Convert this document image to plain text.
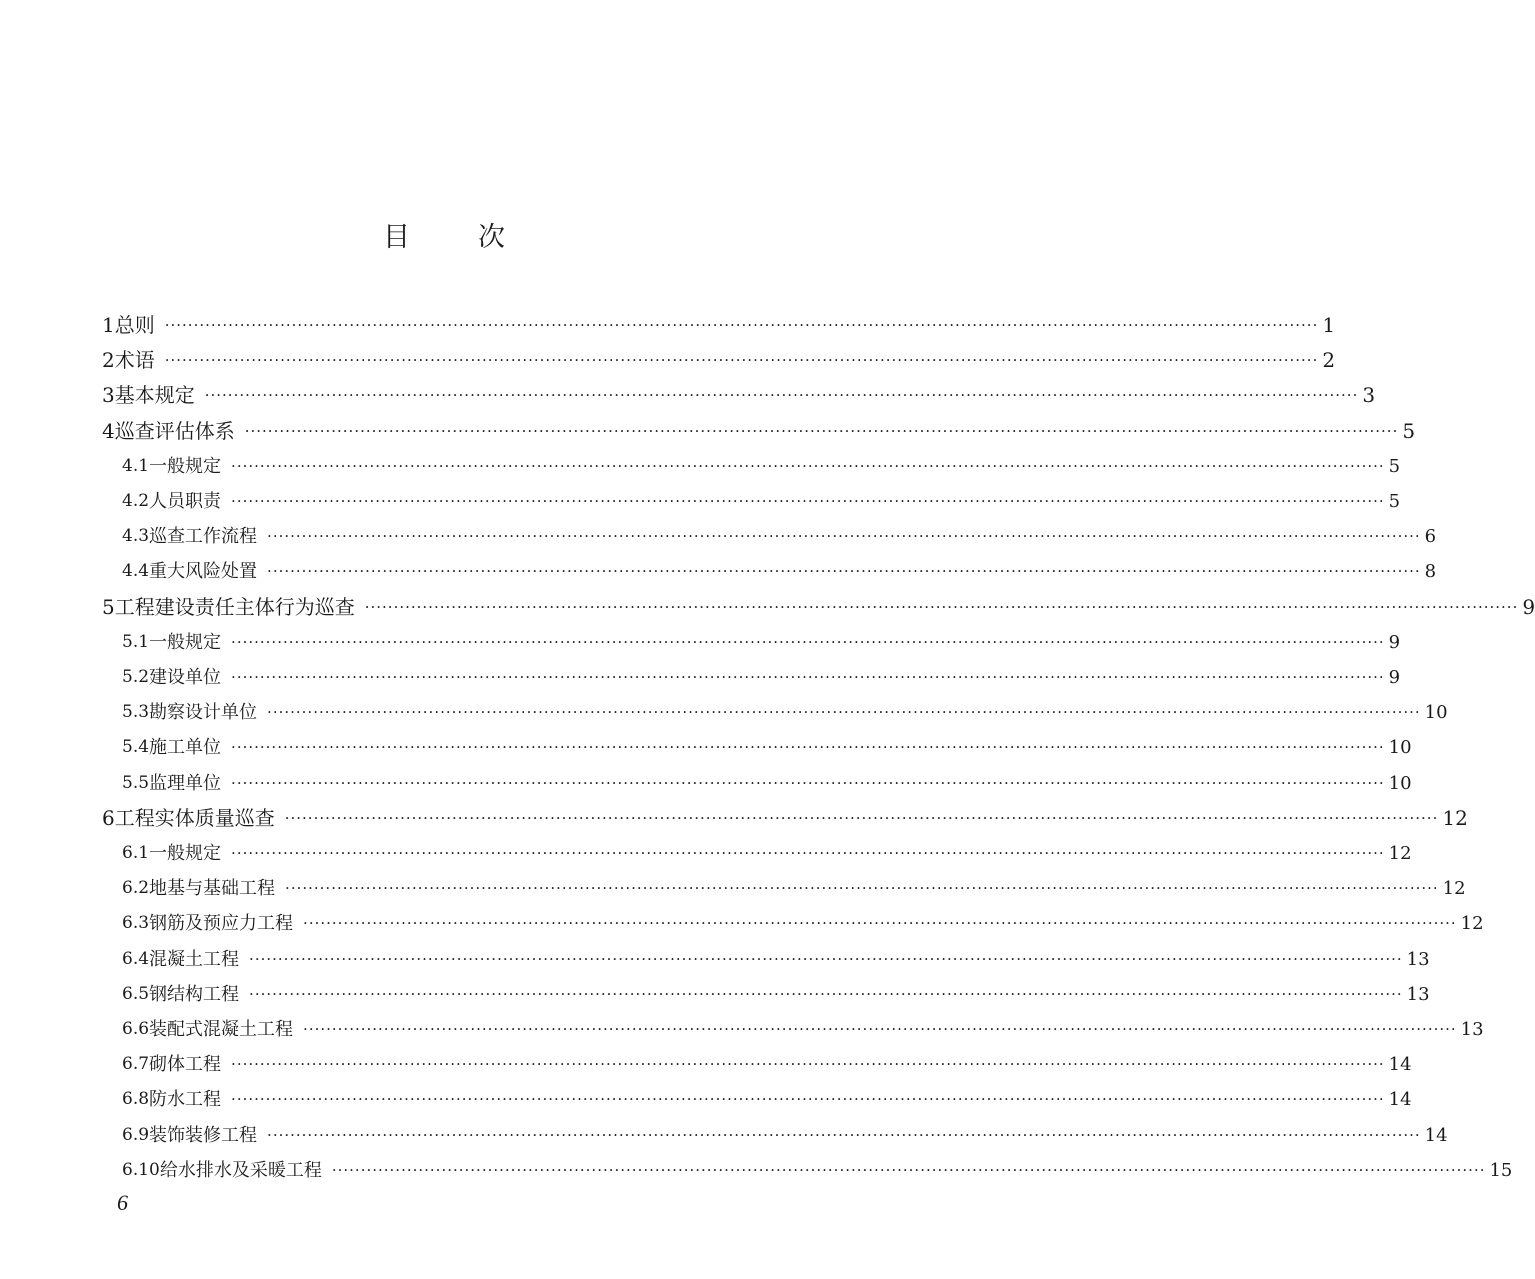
目	次
1 总则 ········································································································································································································ 1
2 术语 ········································································································································································································ 2
3 基本规定 ········································································································································································································ 3
4 巡查评估体系 ········································································································································································································ 5
4.1 一般规定 ········································································································································································································ 5
4.2 人员职责 ········································································································································································································ 5
4.3 巡查工作流程 ········································································································································································································ 6
4.4 重大风险处置 ········································································································································································································ 8
5 工程建设责任主体行为巡查 ········································································································································································································ 9
5.1 一般规定 ········································································································································································································ 9
5.2 建设单位 ········································································································································································································ 9
5.3 勘察设计单位 ········································································································································································································ 10
5.4 施工单位 ········································································································································································································ 10
5.5 监理单位 ········································································································································································································ 10
6 工程实体质量巡查 ········································································································································································································ 12
6.1 一般规定 ········································································································································································································ 12
6.2 地基与基础工程 ········································································································································································································ 12
6.3 钢筋及预应力工程 ········································································································································································································ 12
6.4 混凝土工程 ········································································································································································································ 13
6.5 钢结构工程 ········································································································································································································ 13
6.6 装配式混凝土工程 ········································································································································································································ 13
6.7 砌体工程 ········································································································································································································ 14
6.8 防水工程 ········································································································································································································ 14
6.9 装饰装修工程 ········································································································································································································ 14
6.10 给水排水及采暖工程 ········································································································································································································ 15
6
